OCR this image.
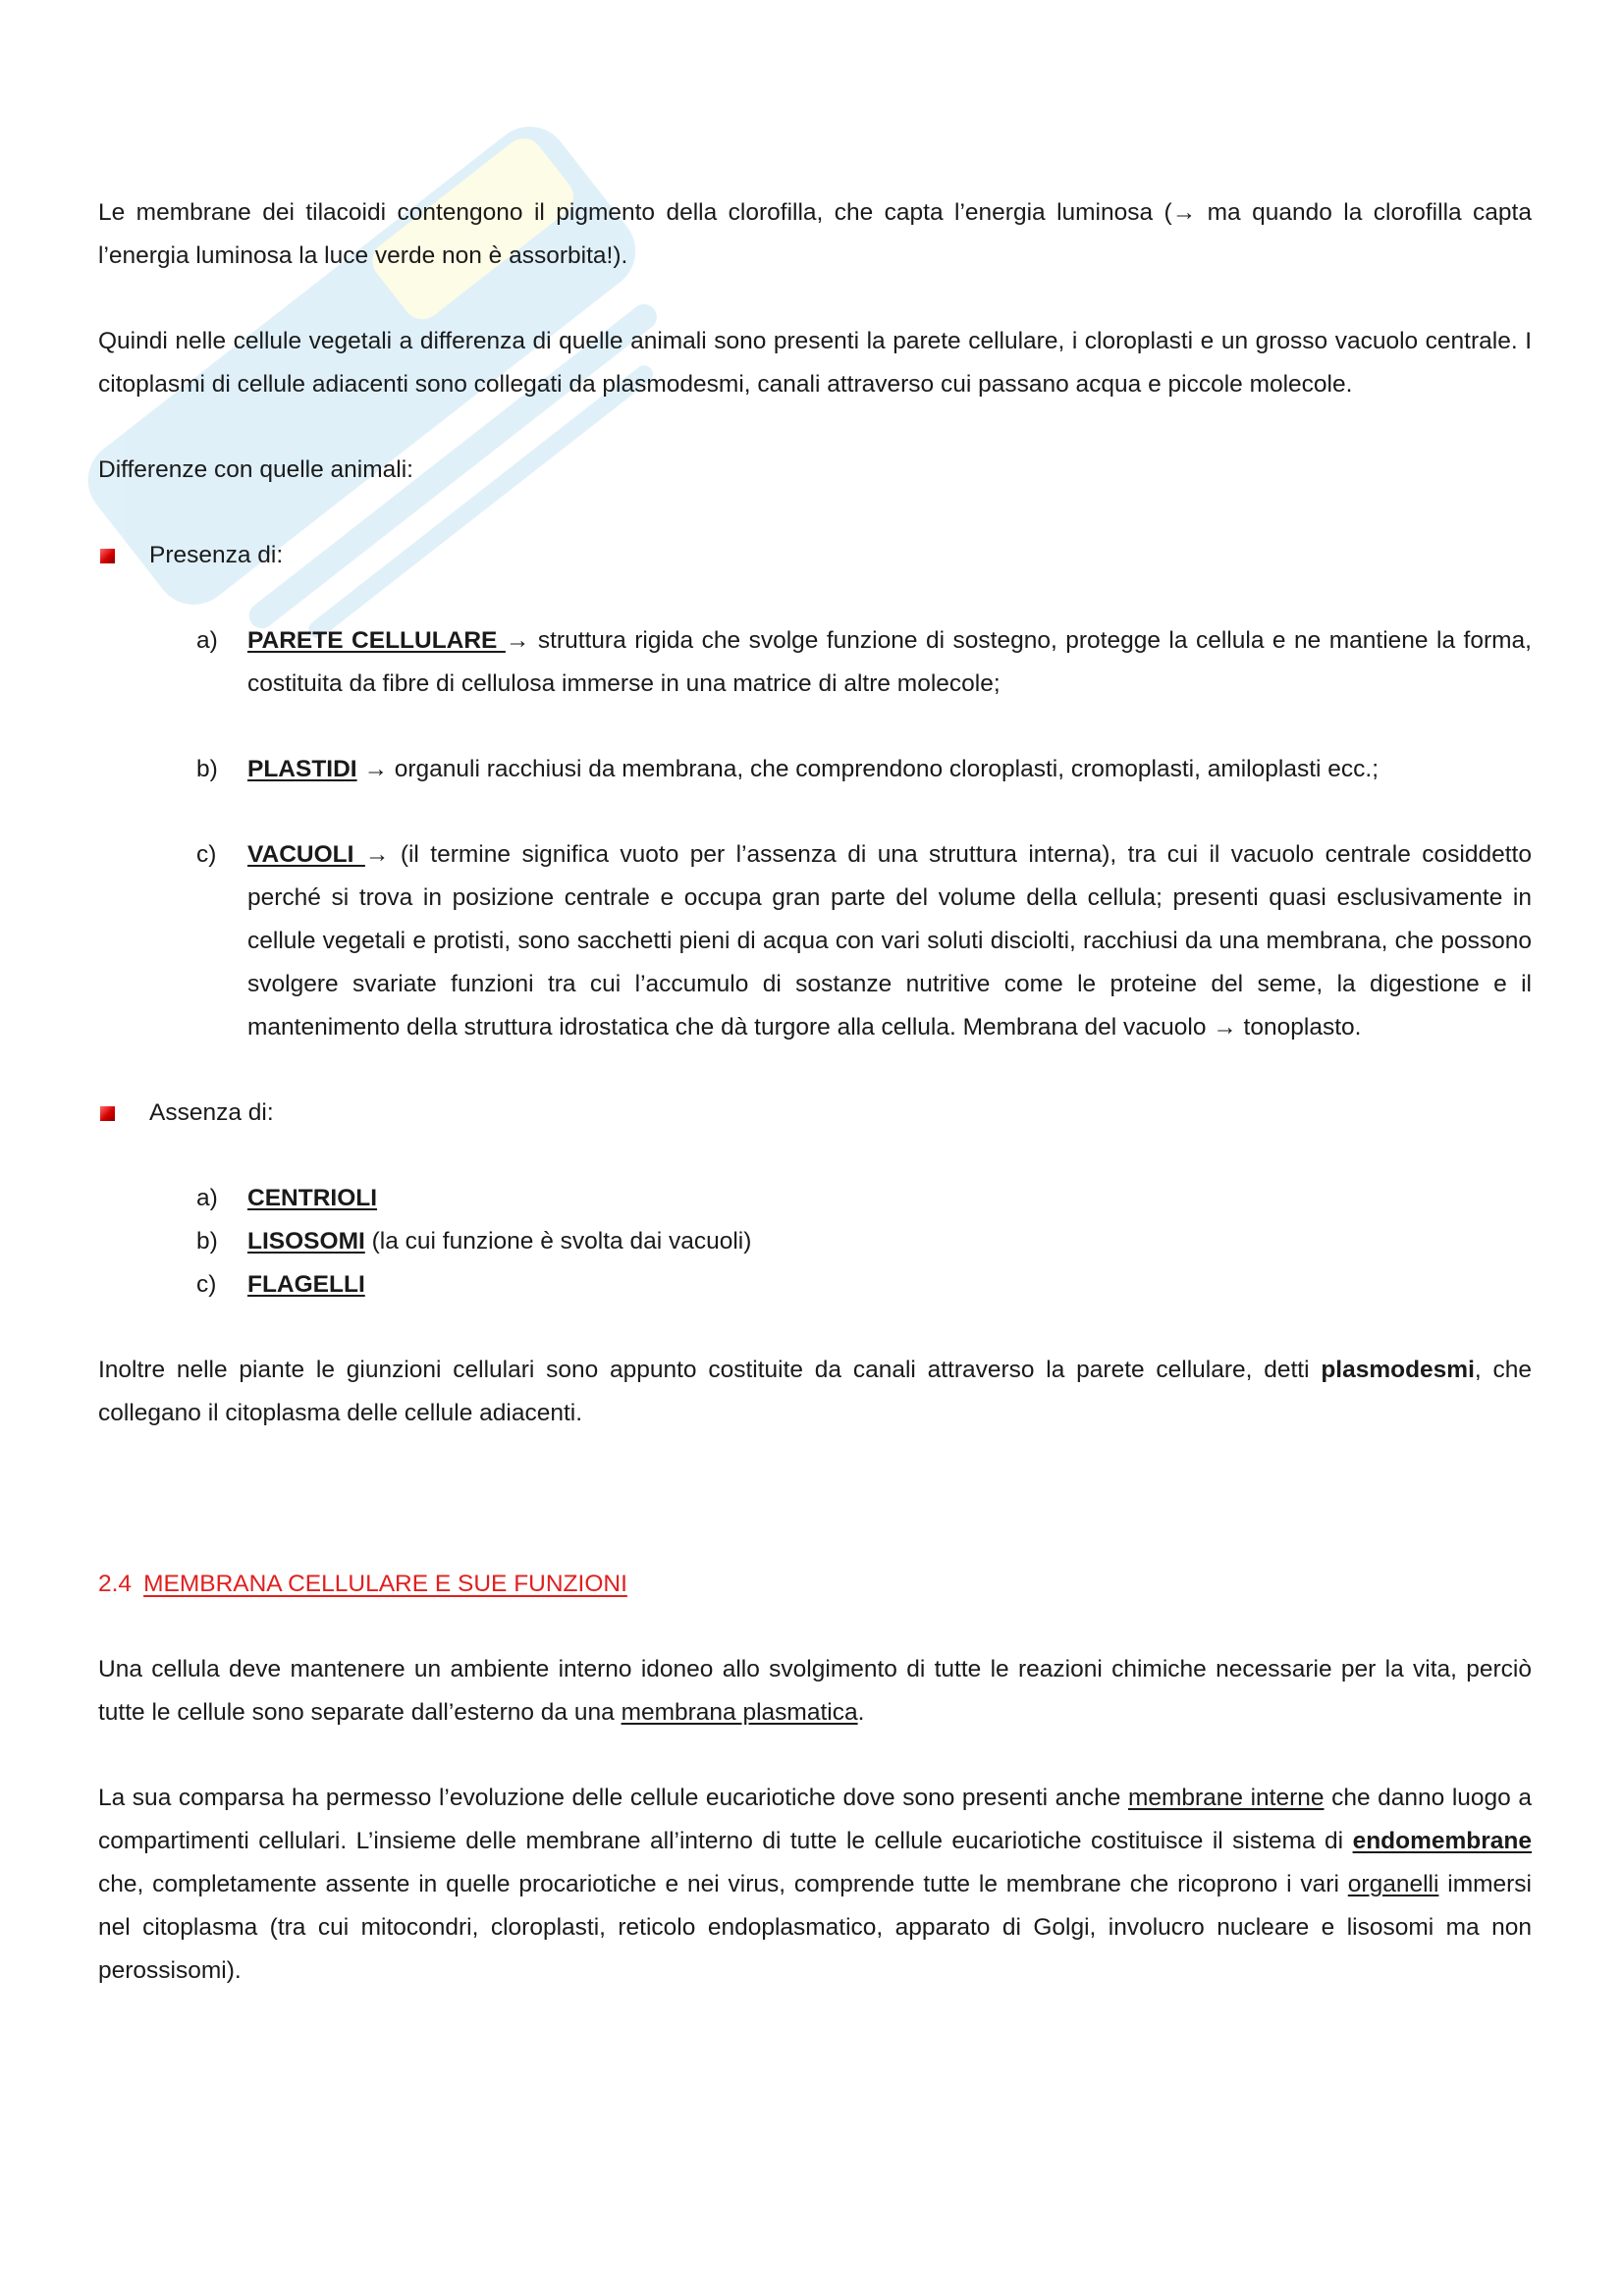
Le membrane dei tilacoidi contengono il pigmento della clorofilla, che capta l’energia luminosa (→ ma quando la clorofilla capta l’energia luminosa la luce verde non è assorbita!).

Quindi nelle cellule vegetali a differenza di quelle animali sono presenti la parete cellulare, i cloroplasti e un grosso vacuolo centrale. I citoplasmi di cellule adiacenti sono collegati da plasmodesmi, canali attraverso cui passano acqua e piccole molecole.

Differenze con quelle animali:

Presenza di:
a) PARETE CELLULARE → struttura rigida che svolge funzione di sostegno, protegge la cellula e ne mantiene la forma, costituita da fibre di cellulosa immerse in una matrice di altre molecole;
b) PLASTIDI → organuli racchiusi da membrana, che comprendono cloroplasti, cromoplasti, amiloplasti ecc.;
c) VACUOLI → (il termine significa vuoto per l’assenza di una struttura interna), tra cui il vacuolo centrale cosiddetto perché si trova in posizione centrale e occupa gran parte del volume della cellula; presenti quasi esclusivamente in cellule vegetali e protisti, sono sacchetti pieni di acqua con vari soluti disciolti, racchiusi da una membrana, che possono svolgere svariate funzioni tra cui l’accumulo di sostanze nutritive come le proteine del seme, la digestione e il mantenimento della struttura idrostatica che dà turgore alla cellula. Membrana del vacuolo → tonoplasto.
Assenza di:
a) CENTRIOLI
b) LISOSOMI (la cui funzione è svolta dai vacuoli)
c) FLAGELLI

Inoltre nelle piante le giunzioni cellulari sono appunto costituite da canali attraverso la parete cellulare, detti plasmodesmi, che collegano il citoplasma delle cellule adiacenti.

2.4 MEMBRANA CELLULARE E SUE FUNZIONI

Una cellula deve mantenere un ambiente interno idoneo allo svolgimento di tutte le reazioni chimiche necessarie per la vita, perciò tutte le cellule sono separate dall’esterno da una membrana plasmatica.

La sua comparsa ha permesso l’evoluzione delle cellule eucariotiche dove sono presenti anche membrane interne che danno luogo a compartimenti cellulari. L’insieme delle membrane all’interno di tutte le cellule eucariotiche costituisce il sistema di endomembrane che, completamente assente in quelle procariotiche e nei virus, comprende tutte le membrane che ricoprono i vari organelli immersi nel citoplasma (tra cui mitocondri, cloroplasti, reticolo endoplasmatico, apparato di Golgi, involucro nucleare e lisosomi ma non perossisomi).
